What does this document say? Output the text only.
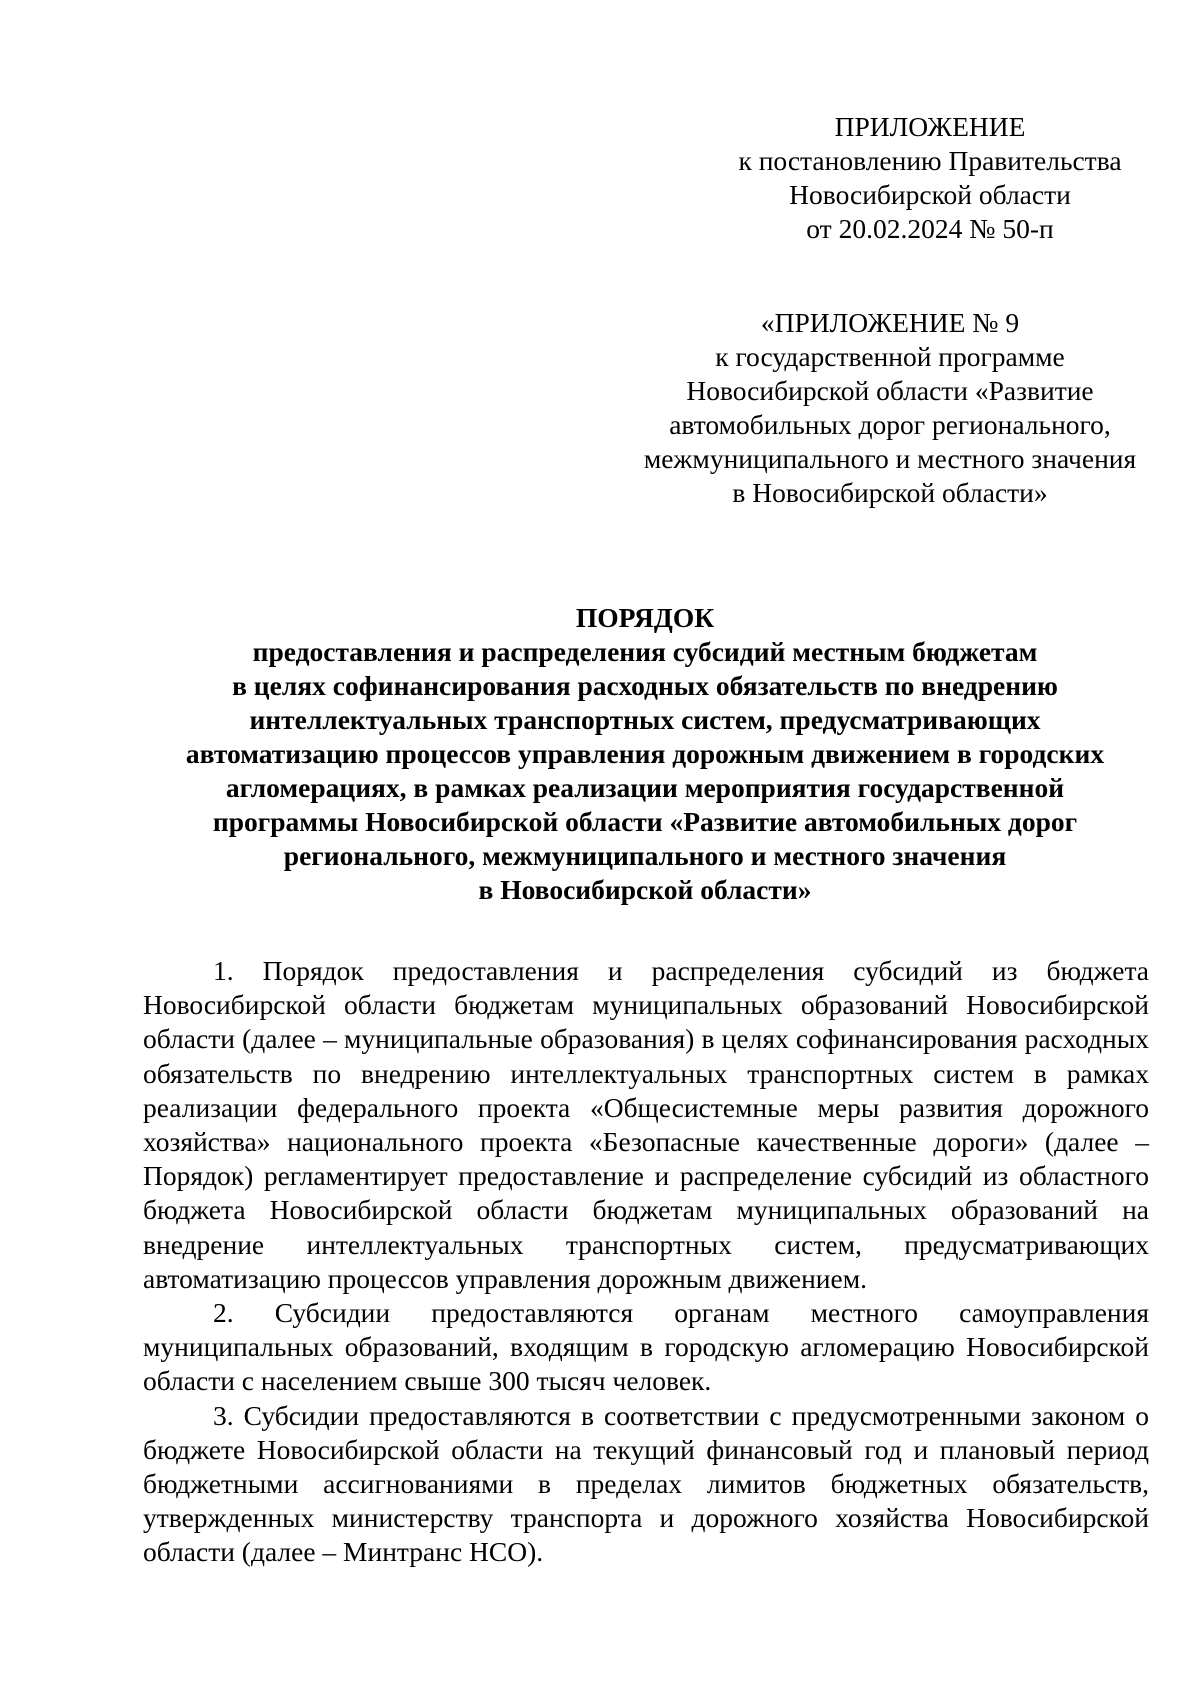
ПРИЛОЖЕНИЕ
к постановлению Правительства
Новосибирской области
от 20.02.2024 № 50-п
«ПРИЛОЖЕНИЕ № 9
к государственной программе
Новосибирской области «Развитие
автомобильных дорог регионального,
межмуниципального и местного значения
в Новосибирской области»
ПОРЯДОК
предоставления и распределения субсидий местным бюджетам
в целях софинансирования расходных обязательств по внедрению
интеллектуальных транспортных систем, предусматривающих
автоматизацию процессов управления дорожным движением в городских
агломерациях, в рамках реализации мероприятия государственной
программы Новосибирской области «Развитие автомобильных дорог
регионального, межмуниципального и местного значения
в Новосибирской области»

1. Порядок предоставления и распределения субсидий из бюджета Новосибирской области бюджетам муниципальных образований Новосибирской области (далее – муниципальные образования) в целях софинансирования расходных обязательств по внедрению интеллектуальных транспортных систем в рамках реализации федерального проекта «Общесистемные меры развития дорожного хозяйства» национального проекта «Безопасные качественные дороги» (далее – Порядок) регламентирует предоставление и распределение субсидий из областного бюджета Новосибирской области бюджетам муниципальных образований на внедрение интеллектуальных транспортных систем, предусматривающих автоматизацию процессов управления дорожным движением.

2. Субсидии предоставляются органам местного самоуправления муниципальных образований, входящим в городскую агломерацию Новосибирской области с населением свыше 300 тысяч человек.

3. Субсидии предоставляются в соответствии с предусмотренными законом о бюджете Новосибирской области на текущий финансовый год и плановый период бюджетными ассигнованиями в пределах лимитов бюджетных обязательств, утвержденных министерству транспорта и дорожного хозяйства Новосибирской области (далее – Минтранс НСО).
